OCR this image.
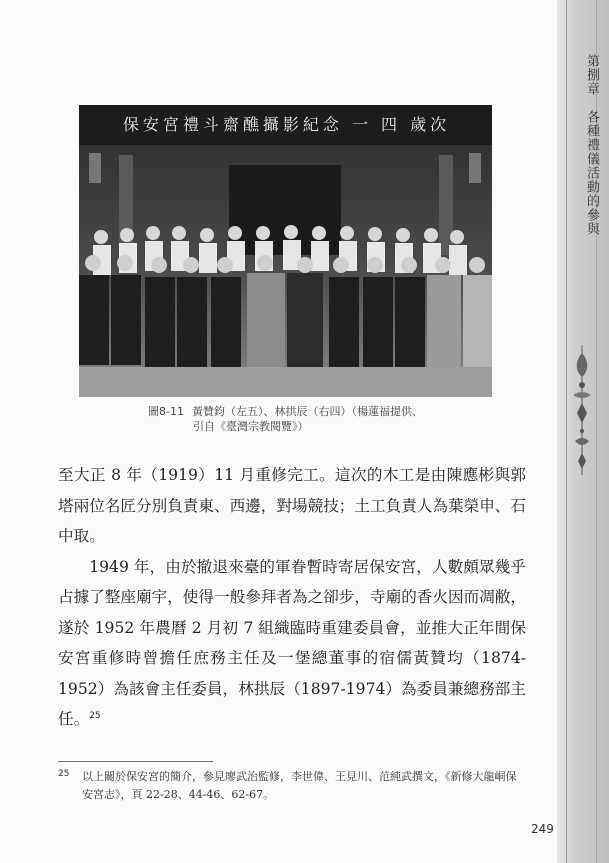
第捌章　各種禮儀活動的參與
保安宮禮斗齋醮攝影紀念 一 四 歲次
圖8-11 黃贊鈞（左五）、林拱辰（右四）（楊蓮福提供、
引自《臺灣宗教閱覽》）

至大正 8 年（1919）11 月重修完工。這次的木工是由陳應彬與郭塔兩位名匠分別負責東、西邊，對場競技；土工負責人為葉榮申、石中取。

1949 年，由於撤退來臺的軍眷暫時寄居保安宮，人數頗眾幾乎占據了整座廟宇，使得一般參拜者為之卻步，寺廟的香火因而凋敝，遂於 1952 年農曆 2 月初 7 組織臨時重建委員會，並推大正年間保安宮重修時曾擔任庶務主任及一堡總董事的宿儒黃贊均（1874-1952）為該會主任委員，林拱辰（1897-1974）為委員兼總務部主任。$^{25}$

25	以上關於保安宮的簡介，參見廖武治監修，李世偉、王見川、范純武撰文，《新修大龍峒保安宮志》，頁 22-28、44-46、62-67。
249
